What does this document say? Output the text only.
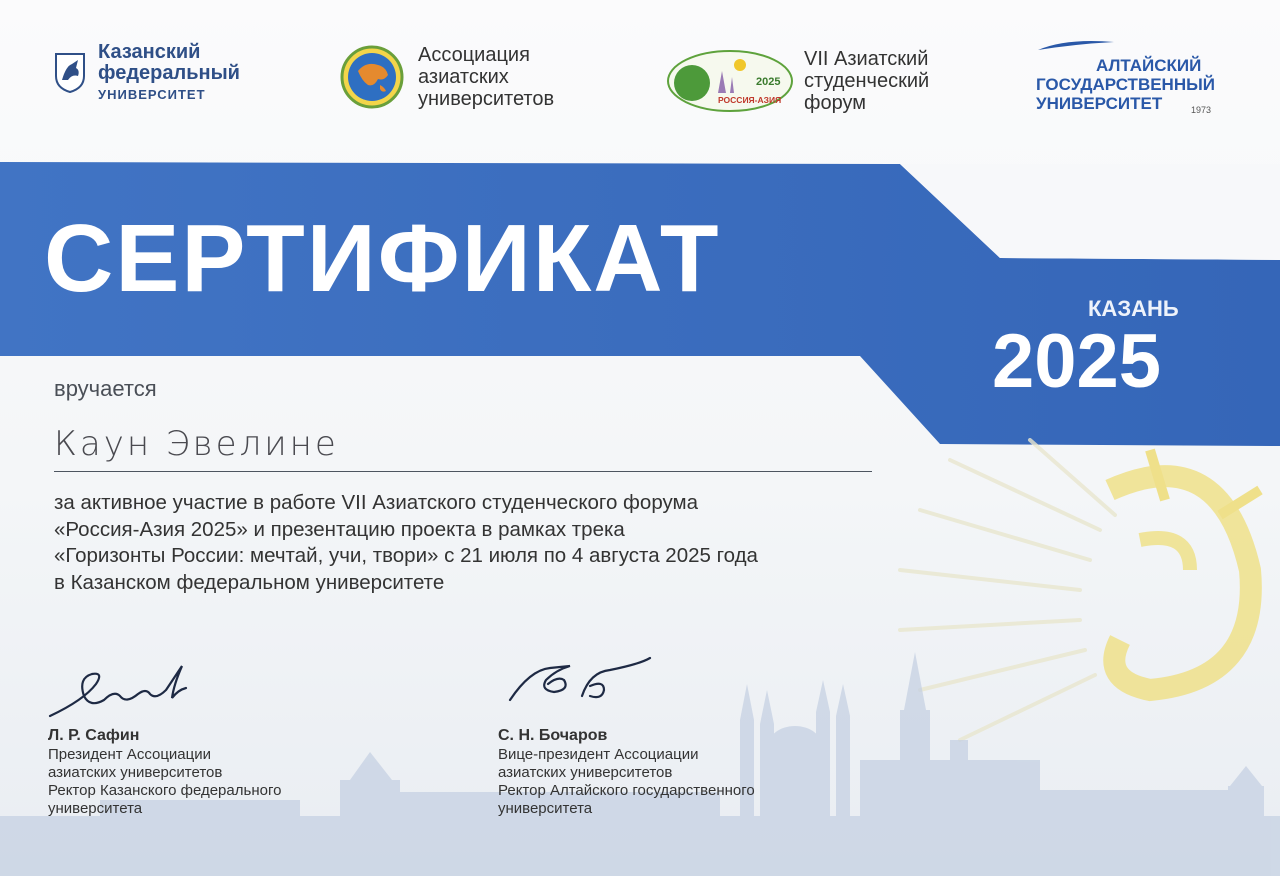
Казанский
федеральный
УНИВЕРСИТЕТ
Ассоциация
азиатских
университетов
2025
РОССИЯ-АЗИЯ
VII Азиатский
студенческий
форум
АЛТАЙСКИЙ
ГОСУДАРСТВЕННЫЙ
УНИВЕРСИТЕТ	1973
СЕРТИФИКАТ	КАЗАНЬ
2025
вручается
Каун Эвелине
за активное участие в работе VII Азиатского студенческого форума
«Россия-Азия 2025» и презентацию проекта в рамках трека
«Горизонты России: мечтай, учи, твори» с 21 июля по 4 августа 2025 года
в Казанском федеральном университете
Л. Р. Сафин
Президент Ассоциации
азиатских университетов
Ректор Казанского федерального
университета
С. Н. Бочаров
Вице-президент Ассоциации
азиатских университетов
Ректор Алтайского государственного
университета
